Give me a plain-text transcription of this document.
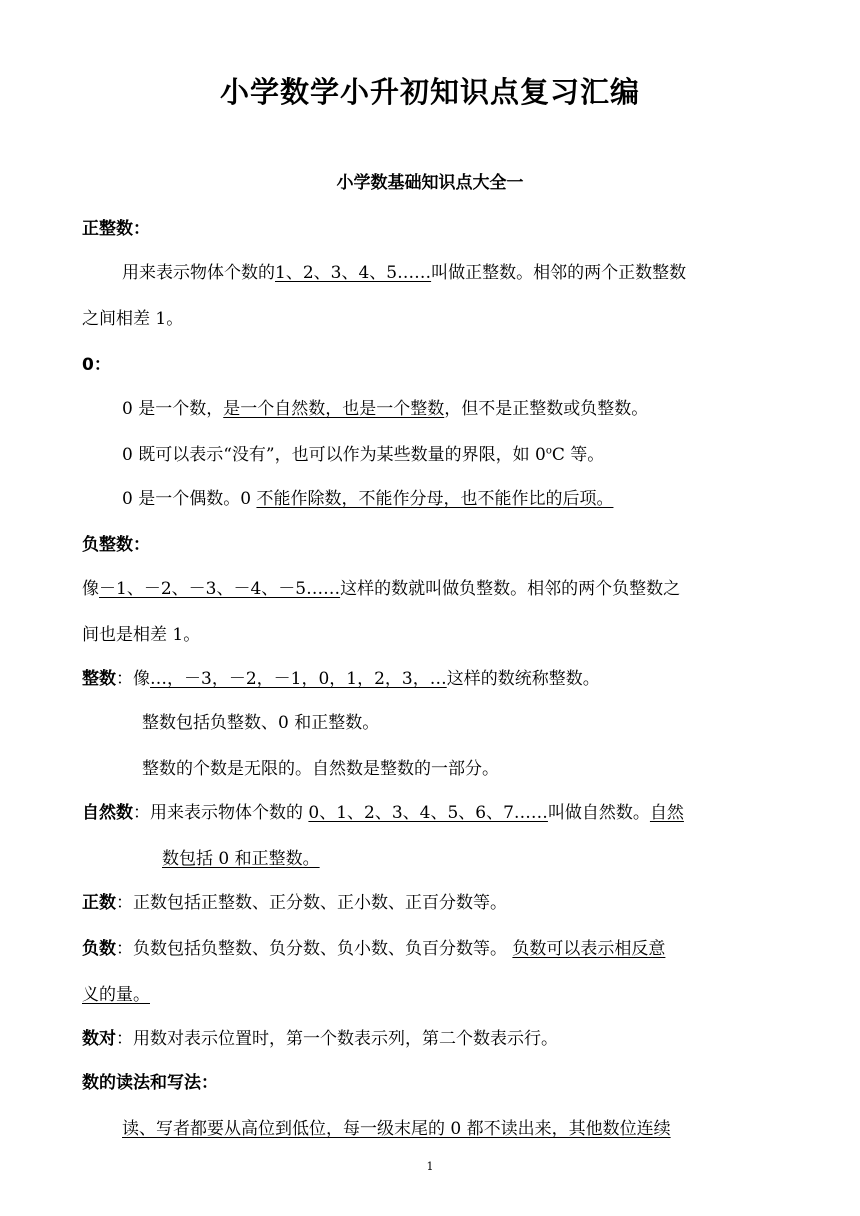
小学数学小升初知识点复习汇编
小学数基础知识点大全一
正整数：
用来表示物体个数的1、2、3、4、5……叫做正整数。相邻的两个正数整数
之间相差 1。
0：
0 是一个数，是一个自然数，也是一个整数，但不是正整数或负整数。
0 既可以表示“没有”，也可以作为某些数量的界限，如 0$^o$C 等。
0 是一个偶数。0 不能作除数，不能作分母，也不能作比的后项。
负整数：
像－1、－2、－3、－4、－5……这样的数就叫做负整数。相邻的两个负整数之
间也是相差 1。
整数：像…，－3，－2，－1，0，1，2，3，…这样的数统称整数。
整数包括负整数、0 和正整数。
整数的个数是无限的。自然数是整数的一部分。
自然数：用来表示物体个数的 0、1、2、3、4、5、6、7……叫做自然数。自然
数包括 0 和正整数。
正数：正数包括正整数、正分数、正小数、正百分数等。
负数：负数包括负整数、负分数、负小数、负百分数等。 负数可以表示相反意
义的量。
数对：用数对表示位置时，第一个数表示列，第二个数表示行。
数的读法和写法：
读、写者都要从高位到低位，每一级末尾的 0 都不读出来，其他数位连续
1
